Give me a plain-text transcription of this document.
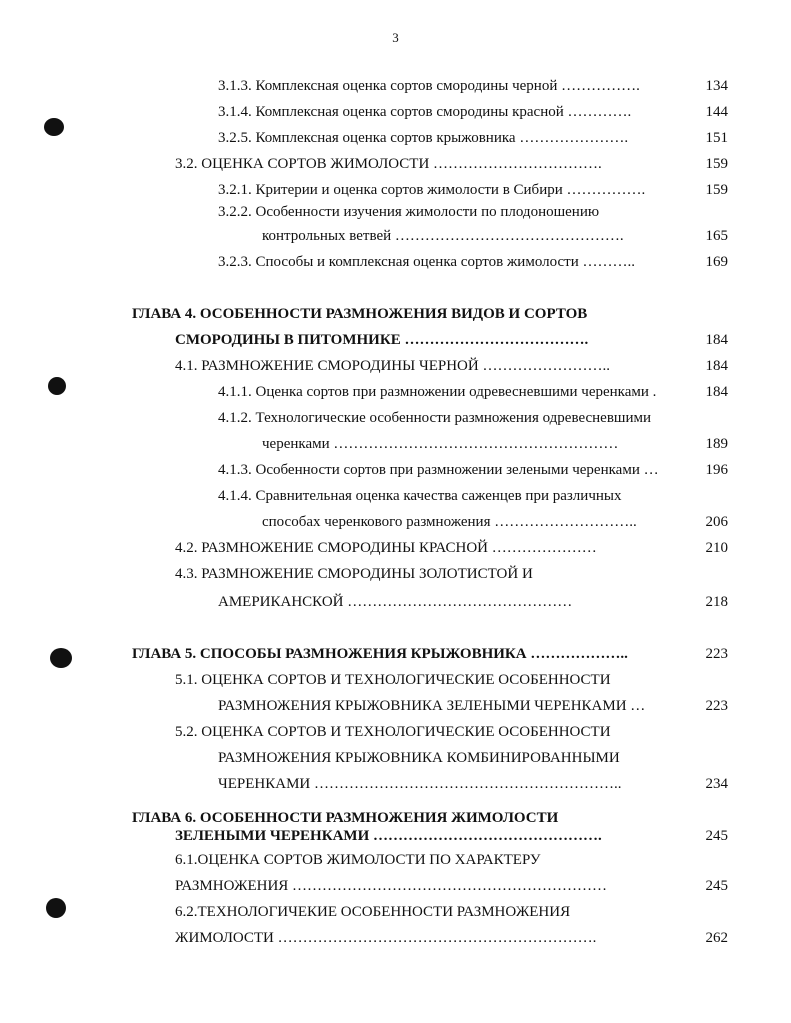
3
3.1.3. Комплексная оценка сортов смородины черной …………….	134
3.1.4. Комплексная оценка сортов смородины красной ………….	144
3.2.5. Комплексная оценка сортов крыжовника ………………….	151
3.2. ОЦЕНКА СОРТОВ ЖИМОЛОСТИ …………………………….	159
3.2.1. Критерии и оценка сортов жимолости в Сибири …………….	159
3.2.2. Особенности изучения жимолости по плодоношению
контрольных ветвей ……………………………………….	165
3.2.3. Способы и комплексная оценка сортов жимолости ………..	169
ГЛАВА 4. ОСОБЕННОСТИ РАЗМНОЖЕНИЯ ВИДОВ И СОРТОВ
СМОРОДИНЫ В ПИТОМНИКЕ ……………………………….	184
4.1. РАЗМНОЖЕНИЕ СМОРОДИНЫ ЧЕРНОЙ ……………………..	184
4.1.1. Оценка сортов при размножении одревесневшими черенками .	184
4.1.2. Технологические особенности размножения одревесневшими
черенками …………………………………………………	189
4.1.3. Особенности сортов при размножении зелеными черенками …	196
4.1.4. Сравнительная оценка качества саженцев при различных
способах черенкового размножения ………………………..	206
4.2. РАЗМНОЖЕНИЕ СМОРОДИНЫ КРАСНОЙ …………………	210
4.3. РАЗМНОЖЕНИЕ СМОРОДИНЫ ЗОЛОТИСТОЙ И
АМЕРИКАНСКОЙ ………………………………………	218
ГЛАВА 5. СПОСОБЫ РАЗМНОЖЕНИЯ КРЫЖОВНИКА ………………..	223
5.1. ОЦЕНКА СОРТОВ И ТЕХНОЛОГИЧЕСКИЕ ОСОБЕННОСТИ
РАЗМНОЖЕНИЯ КРЫЖОВНИКА ЗЕЛЕНЫМИ ЧЕРЕНКАМИ …	223
5.2. ОЦЕНКА СОРТОВ И ТЕХНОЛОГИЧЕСКИЕ ОСОБЕННОСТИ
РАЗМНОЖЕНИЯ КРЫЖОВНИКА КОМБИНИРОВАННЫМИ
ЧЕРЕНКАМИ ……………………………………………………..	234
ГЛАВА 6. ОСОБЕННОСТИ РАЗМНОЖЕНИЯ ЖИМОЛОСТИ
ЗЕЛЕНЫМИ ЧЕРЕНКАМИ ……………………………………….	245
6.1.ОЦЕНКА СОРТОВ ЖИМОЛОСТИ ПО ХАРАКТЕРУ
РАЗМНОЖЕНИЯ ………………………………………………………	245
6.2.ТЕХНОЛОГИЧЕКИЕ ОСОБЕННОСТИ РАЗМНОЖЕНИЯ
ЖИМОЛОСТИ ……………………………………………………….	262
